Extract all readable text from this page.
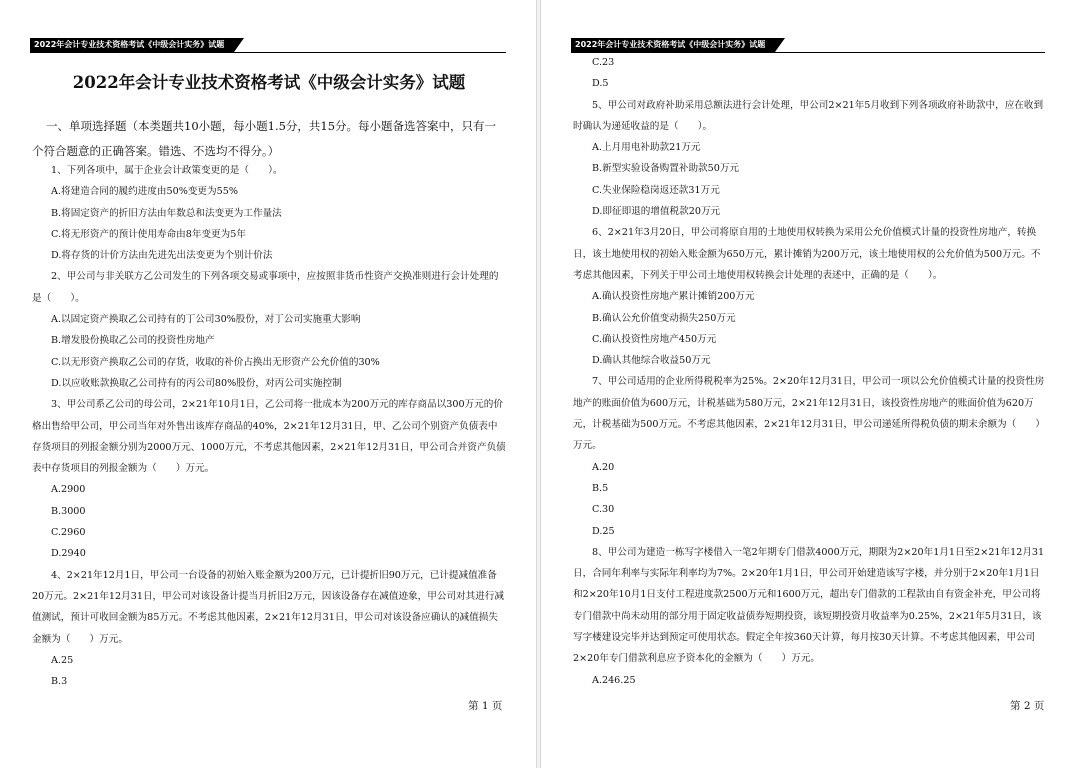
2022年会计专业技术资格考试《中级会计实务》试题
2022年会计专业技术资格考试《中级会计实务》试题

一、单项选择题（本类题共10小题，每小题1.5分，共15分。每小题备选答案中，只有一个符合题意的正确答案。错选、不选均不得分。）

1、下列各项中，属于企业会计政策变更的是（　　）。

A.将建造合同的履约进度由50%变更为55%

B.将固定资产的折旧方法由年数总和法变更为工作量法

C.将无形资产的预计使用寿命由8年变更为5年

D.将存货的计价方法由先进先出法变更为个别计价法

2、甲公司与非关联方乙公司发生的下列各项交易或事项中，应按照非货币性资产交换准则进行会计处理的是（　　）。

A.以固定资产换取乙公司持有的丁公司30%股份，对丁公司实施重大影响

B.增发股份换取乙公司的投资性房地产

C.以无形资产换取乙公司的存货，收取的补价占换出无形资产公允价值的30%

D.以应收账款换取乙公司持有的丙公司80%股份，对丙公司实施控制

3、甲公司系乙公司的母公司，2×21年10月1日，乙公司将一批成本为200万元的库存商品以300万元的价格出售给甲公司，甲公司当年对外售出该库存商品的40%，2×21年12月31日，甲、乙公司个别资产负债表中存货项目的列报金额分别为2000万元、1000万元，不考虑其他因素，2×21年12月31日，甲公司合并资产负债表中存货项目的列报金额为（　　）万元。

A.2900

B.3000

C.2960

D.2940

4、2×21年12月1日，甲公司一台设备的初始入账金额为200万元，已计提折旧90万元，已计提减值准备20万元。2×21年12月31日，甲公司对该设备计提当月折旧2万元，因该设备存在减值迹象，甲公司对其进行减值测试，预计可收回金额为85万元。不考虑其他因素，2×21年12月31日，甲公司对该设备应确认的减值损失金额为（　　）万元。

A.25

B.3

第 1 页
2022年会计专业技术资格考试《中级会计实务》试题

C.23

D.5

5、甲公司对政府补助采用总额法进行会计处理，甲公司2×21年5月收到下列各项政府补助款中，应在收到时确认为递延收益的是（　　）。

A.上月用电补助款21万元

B.新型实验设备购置补助款50万元

C.失业保险稳岗返还款31万元

D.即征即退的增值税款20万元

6、2×21年3月20日，甲公司将原自用的土地使用权转换为采用公允价值模式计量的投资性房地产，转换日，该土地使用权的初始入账金额为650万元，累计摊销为200万元，该土地使用权的公允价值为500万元。不考虑其他因素，下列关于甲公司土地使用权转换会计处理的表述中，正确的是（　　）。

A.确认投资性房地产累计摊销200万元

B.确认公允价值变动损失250万元

C.确认投资性房地产450万元

D.确认其他综合收益50万元

7、甲公司适用的企业所得税税率为25%。2×20年12月31日，甲公司一项以公允价值模式计量的投资性房地产的账面价值为600万元，计税基础为580万元，2×21年12月31日，该投资性房地产的账面价值为620万元，计税基础为500万元。不考虑其他因素，2×21年12月31日，甲公司递延所得税负债的期末余额为（　　）万元。

A.20

B.5

C.30

D.25

8、甲公司为建造一栋写字楼借入一笔2年期专门借款4000万元，期限为2×20年1月1日至2×21年12月31日，合同年利率与实际年利率均为7%。2×20年1月1日，甲公司开始建造该写字楼，并分别于2×20年1月1日和2×20年10月1日支付工程进度款2500万元和1600万元，超出专门借款的工程款由自有资金补充，甲公司将专门借款中尚未动用的部分用于固定收益债券短期投资，该短期投资月收益率为0.25%，2×21年5月31日，该写字楼建设完毕并达到预定可使用状态。假定全年按360天计算，每月按30天计算。不考虑其他因素，甲公司2×20年专门借款利息应予资本化的金额为（　　）万元。

A.246.25

第 2 页
